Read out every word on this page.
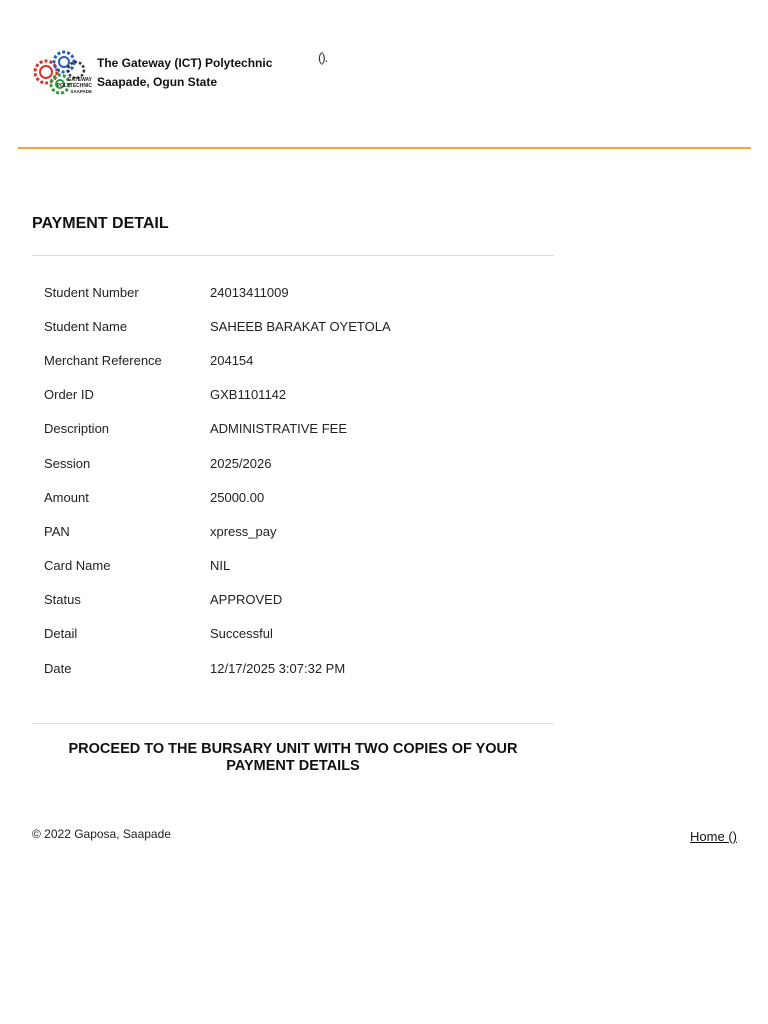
GATEWAY
POLYTECHNIC
SAAPADE
The Gateway (ICT) Polytechnic
Saapade, Ogun State
().
PAYMENT DETAIL
Student Number	24013411009
Student Name	SAHEEB BARAKAT OYETOLA
Merchant Reference	204154
Order ID	GXB1101142
Description	ADMINISTRATIVE FEE
Session	2025/2026
Amount	25000.00
PAN	xpress_pay
Card Name	NIL
Status	APPROVED
Detail	Successful
Date	12/17/2025 3:07:32 PM
PROCEED TO THE BURSARY UNIT WITH TWO COPIES OF YOUR
PAYMENT DETAILS
© 2022 Gaposa, Saapade	Home ()
